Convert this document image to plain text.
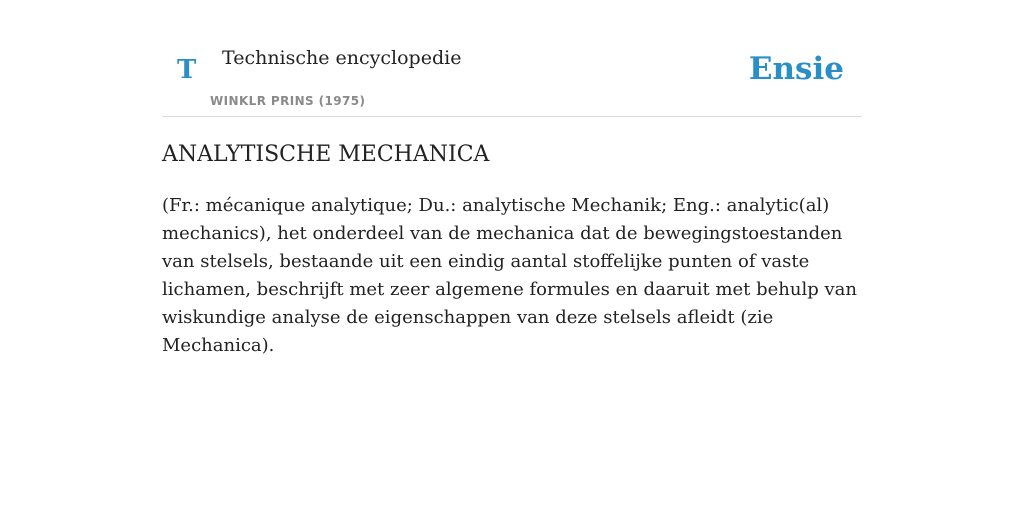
T Technische encyclopedie
WINKLR PRINS (1975)
Ensie
ANALYTISCHE MECHANICA

(Fr.: mécanique analytique; Du.: analytische Mechanik; Eng.: analytic(al) mechanics), het onderdeel van de mechanica dat de bewegingstoestanden van stelsels, bestaande uit een eindig aantal stoffelijke punten of vaste lichamen, beschrijft met zeer algemene formules en daaruit met behulp van wiskundige analyse de eigenschappen van deze stelsels afleidt (zie Mechanica).
